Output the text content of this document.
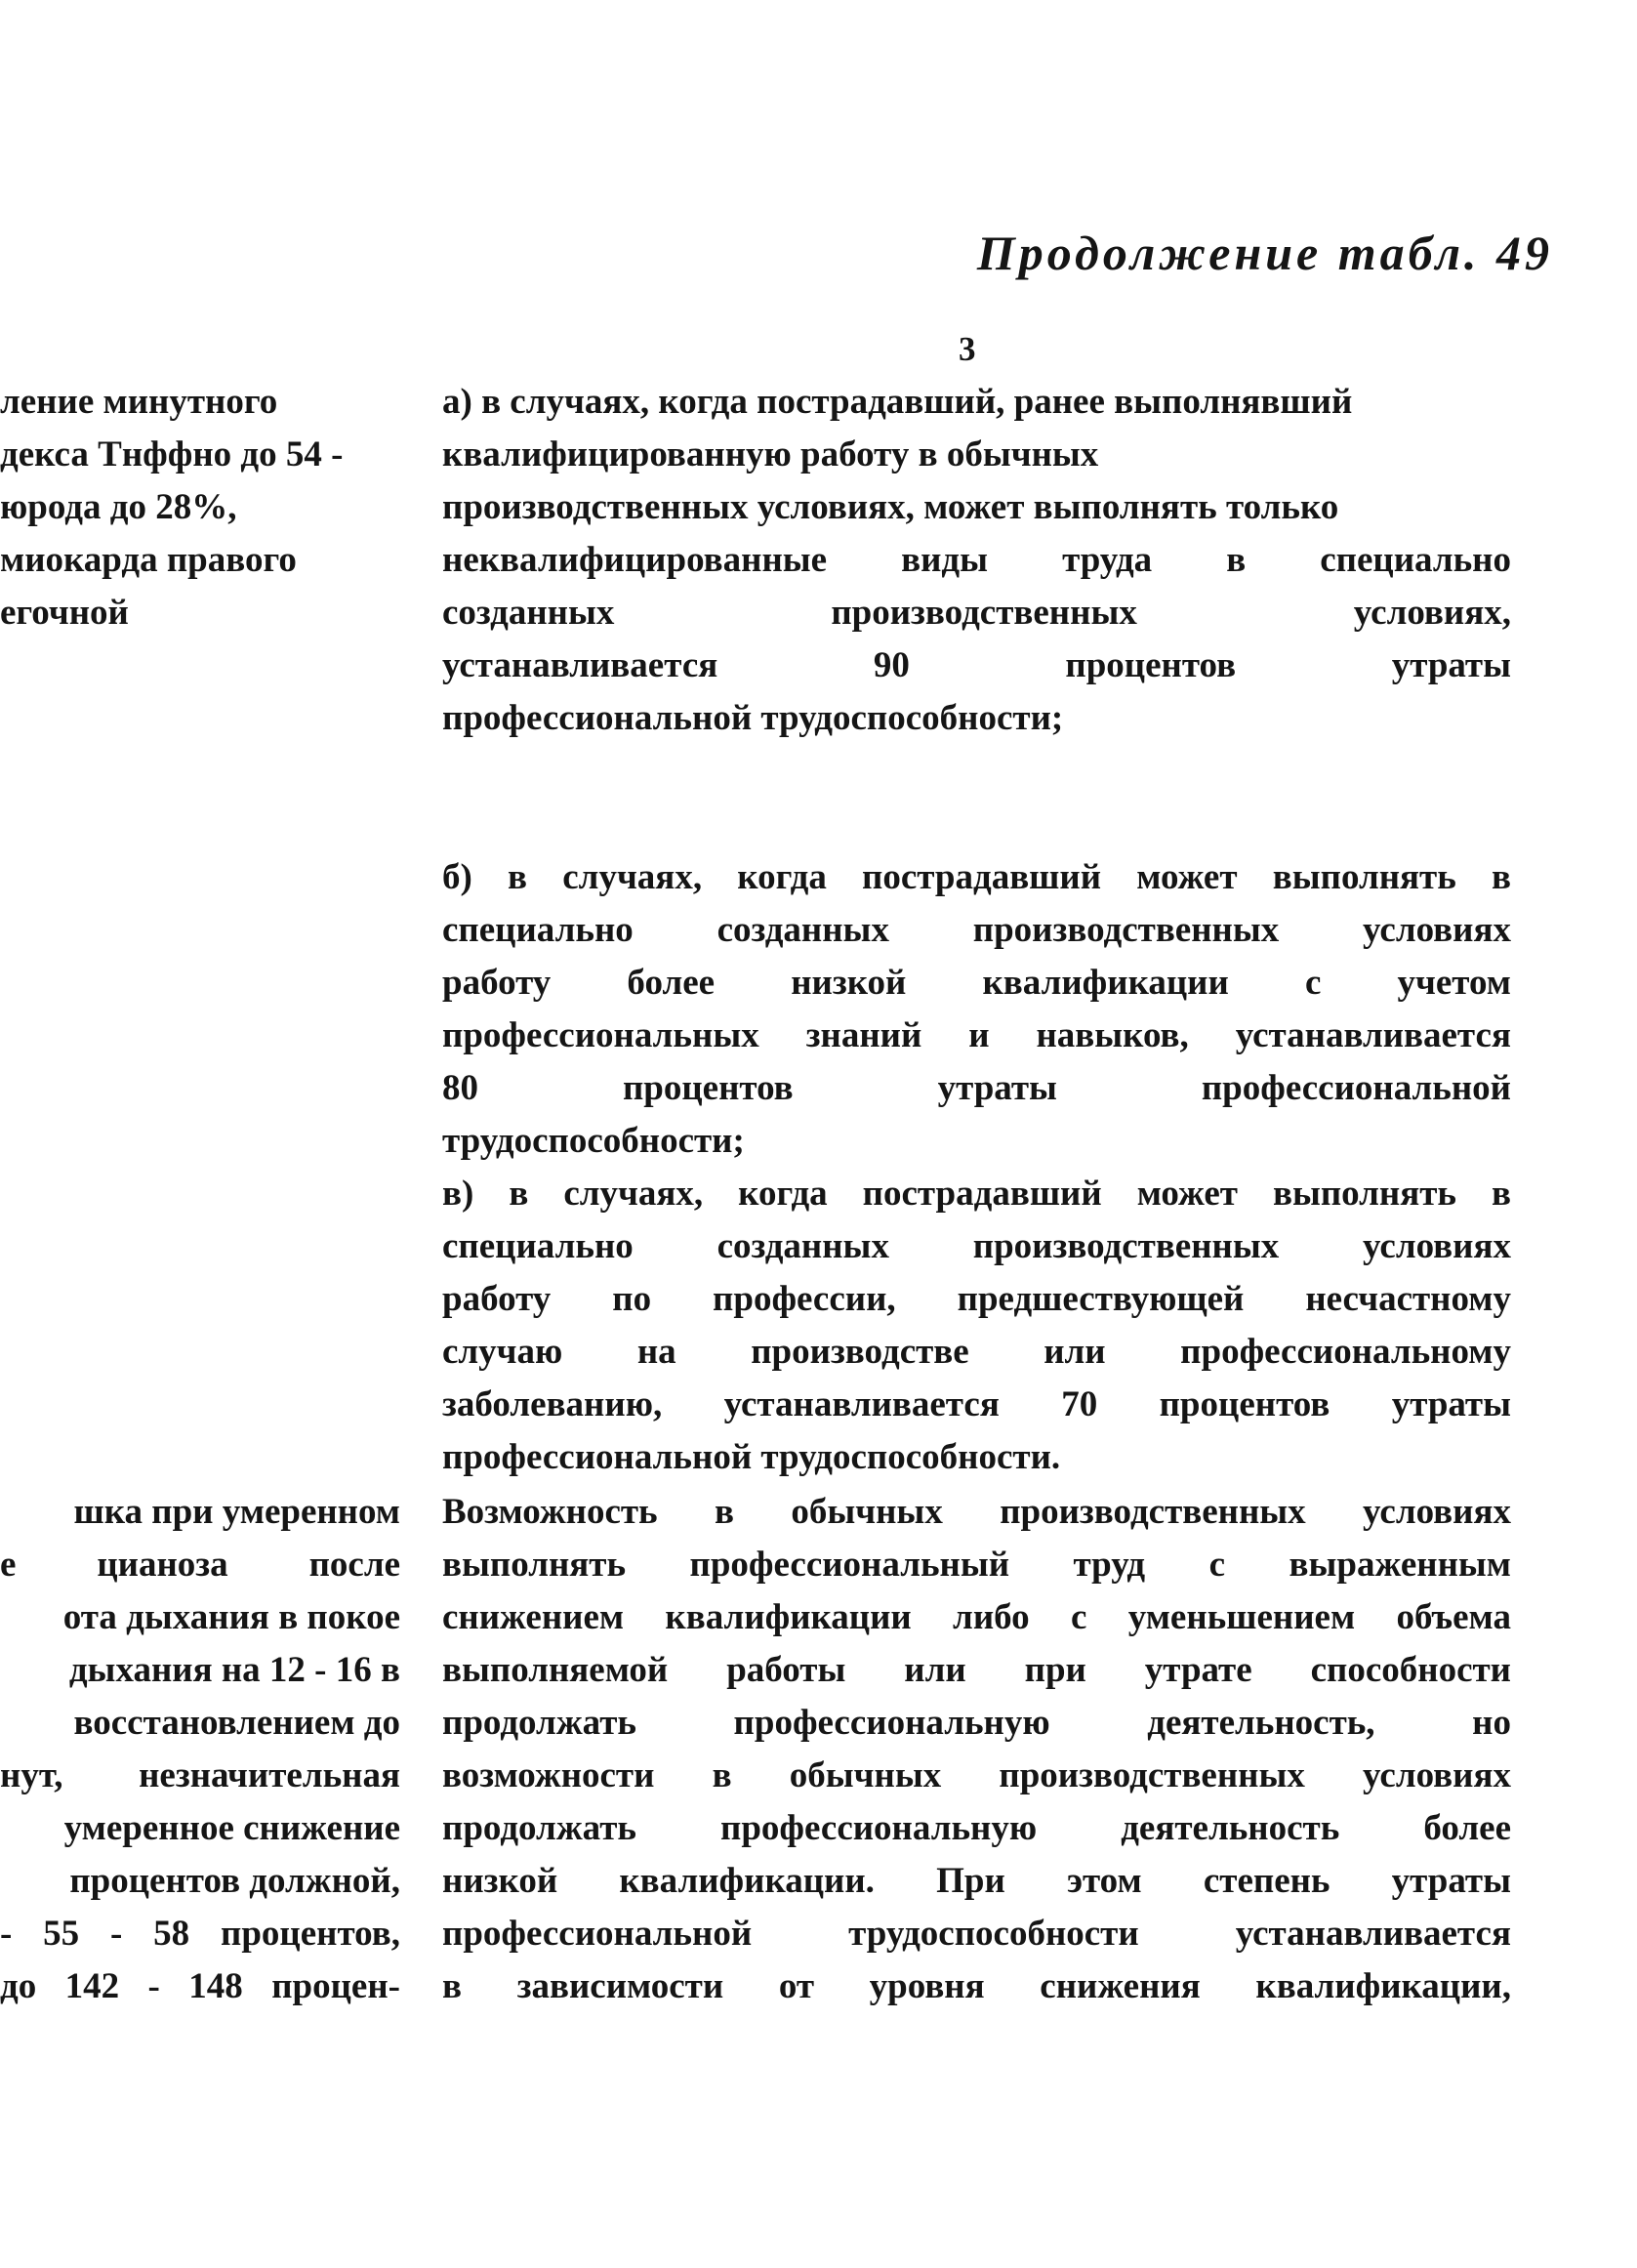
Продолжение табл. 49
3
ление минутного
декса Тнффно до 54 -
юрода до 28%,
миокарда правого
егочной
а) в случаях, когда пострадавший, ранее выполнявший
квалифицированную работу в обычных
производственных условиях, может выполнять только
неквалифицированные виды труда в специально
созданных производственных условиях,
устанавливается 90 процентов утраты
профессиональной трудоспособности;
б) в случаях, когда пострадавший может выполнять в
специально созданных производственных условиях
работу более низкой квалификации с учетом
профессиональных знаний и навыков, устанавливается
80 процентов утраты профессиональной
трудоспособности;
в) в случаях, когда пострадавший может выполнять в
специально созданных производственных условиях
работу по профессии, предшествующей несчастному
случаю на производстве или профессиональному
заболеванию, устанавливается 70 процентов утраты
профессиональной трудоспособности.
шка при умеренном
е цианоза после
ота дыхания в покое
дыхания на 12 - 16 в
восстановлением до
нут, незначительная
умеренное снижение
процентов должной,
- 55 - 58 процентов,
до 142 - 148 процен-
Возможность в обычных производственных условиях
выполнять профессиональный труд с выраженным
снижением квалификации либо с уменьшением объема
выполняемой работы или при утрате способности
продолжать профессиональную деятельность, но
возможности в обычных производственных условиях
продолжать профессиональную деятельность более
низкой квалификации. При этом степень утраты
профессиональной трудоспособности устанавливается
в зависимости от уровня снижения квалификации,
